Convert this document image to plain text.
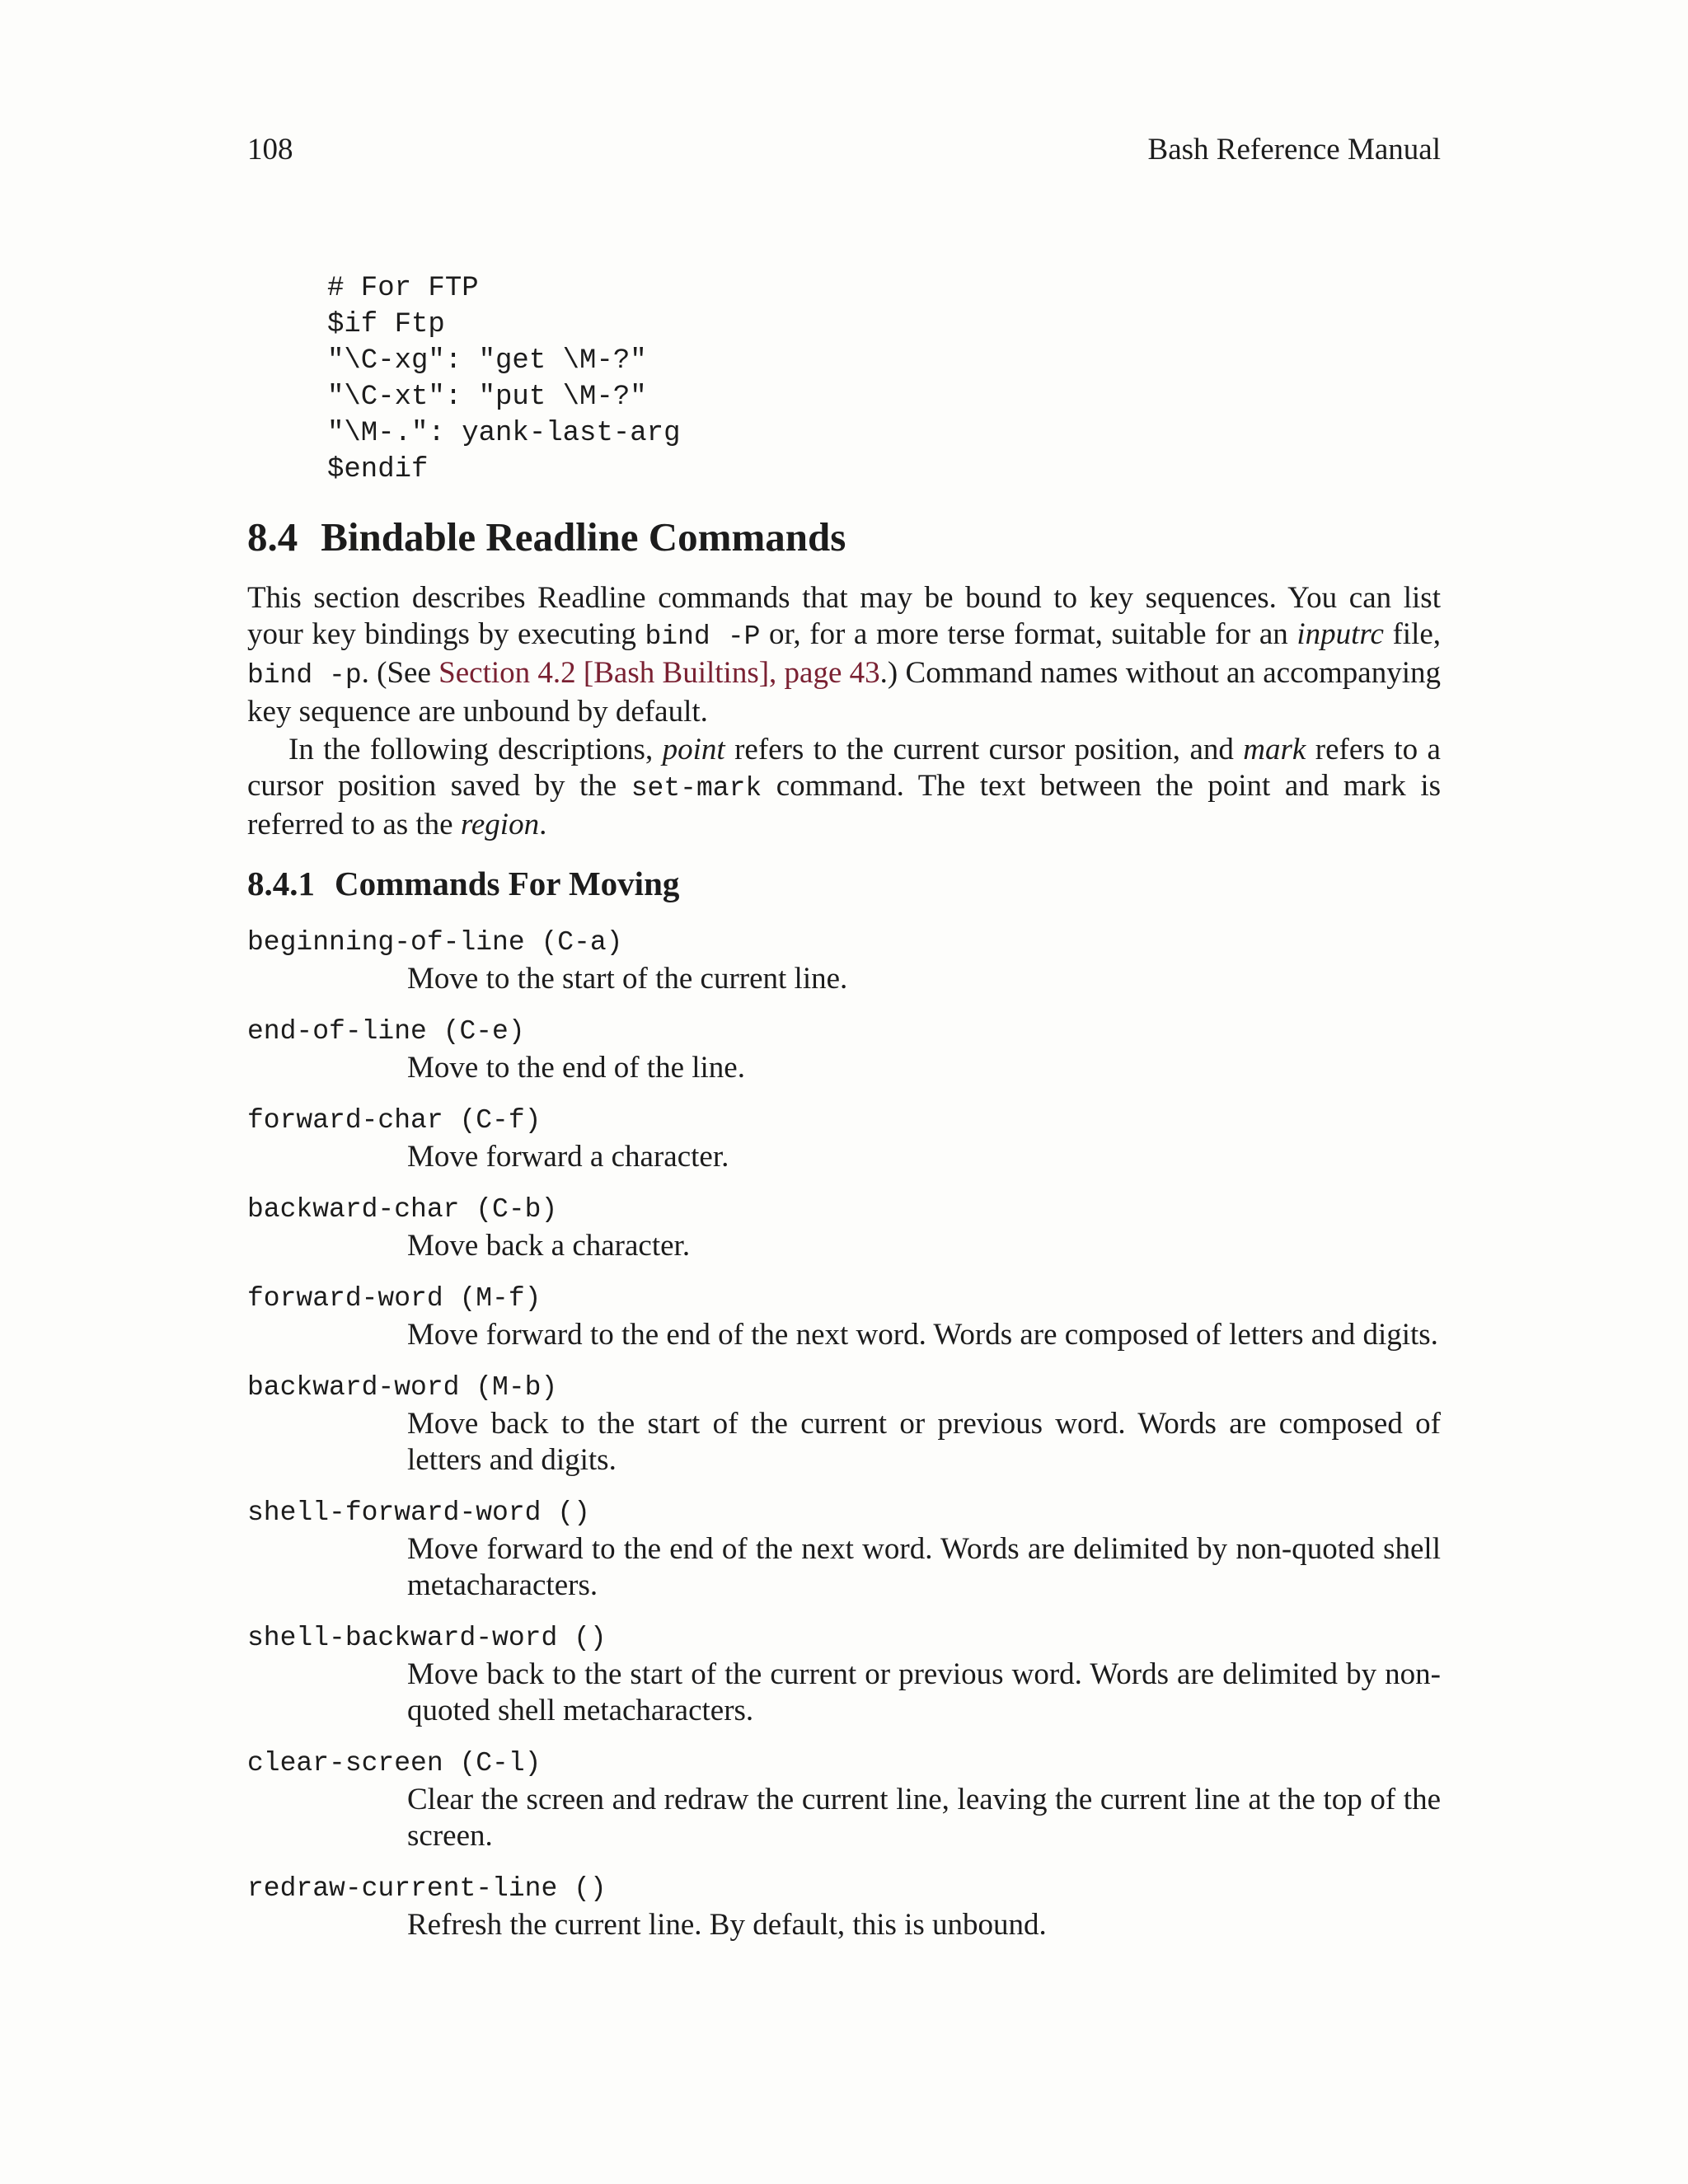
108	Bash Reference Manual
# For FTP
$if Ftp
"\C-xg": "get \M-?"
"\C-xt": "put \M-?"
"\M-.": yank-last-arg
$endif
8.4 Bindable Readline Commands

This section describes Readline commands that may be bound to key sequences. You can list your key bindings by executing bind -P or, for a more terse format, suitable for an inputrc file, bind -p. (See Section 4.2 [Bash Builtins], page 43.) Command names without an accompanying key sequence are unbound by default.

In the following descriptions, point refers to the current cursor position, and mark refers to a cursor position saved by the set-mark command. The text between the point and mark is referred to as the region.

8.4.1 Commands For Moving
beginning-of-line (C-a)
Move to the start of the current line.
end-of-line (C-e)
Move to the end of the line.
forward-char (C-f)
Move forward a character.
backward-char (C-b)
Move back a character.
forward-word (M-f)
Move forward to the end of the next word. Words are composed of letters and digits.
backward-word (M-b)
Move back to the start of the current or previous word. Words are composed of letters and digits.
shell-forward-word ()
Move forward to the end of the next word. Words are delimited by non-quoted shell metacharacters.
shell-backward-word ()
Move back to the start of the current or previous word. Words are delimited by non-quoted shell metacharacters.
clear-screen (C-l)
Clear the screen and redraw the current line, leaving the current line at the top of the screen.
redraw-current-line ()
Refresh the current line. By default, this is unbound.
